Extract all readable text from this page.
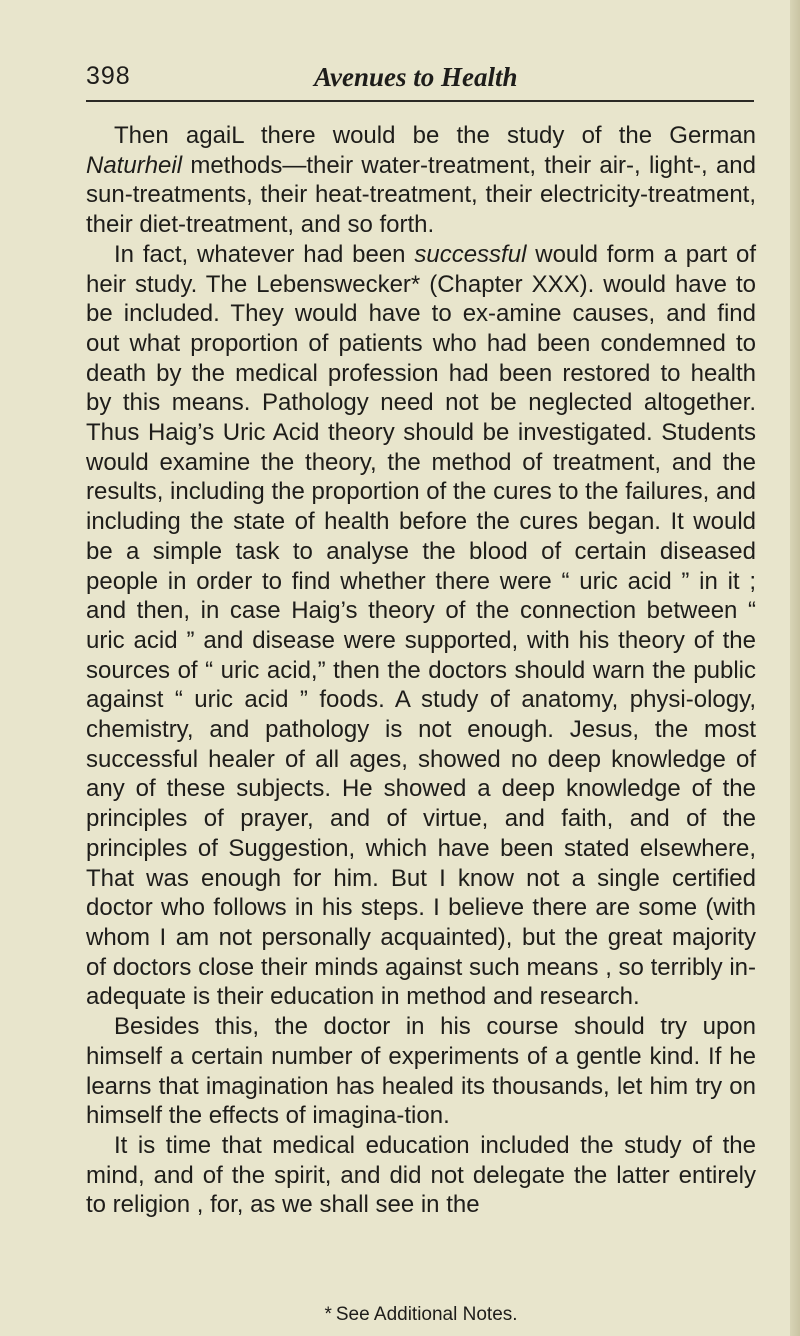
398	Avenues to Health

Then agaiL there would be the study of the German Naturheil methods—their water-treatment, their air-, light-, and sun-treatments, their heat-treatment, their electricity-treatment, their diet-treatment, and so forth.

In fact, whatever had been successful would form a part of heir study. The Lebenswecker* (Chapter XXX). would have to be included. They would have to ex-amine causes, and find out what proportion of patients who had been condemned to death by the medical profession had been restored to health by this means. Pathology need not be neglected altogether. Thus Haig’s Uric Acid theory should be investigated. Students would examine the theory, the method of treatment, and the results, including the proportion of the cures to the failures, and including the state of health before the cures began. It would be a simple task to analyse the blood of certain diseased people in order to find whether there were “ uric acid ” in it ; and then, in case Haig’s theory of the connection between “ uric acid ” and disease were supported, with his theory of the sources of “ uric acid,” then the doctors should warn the public against “ uric acid ” foods. A study of anatomy, physi-ology, chemistry, and pathology is not enough. Jesus, the most successful healer of all ages, showed no deep knowledge of any of these subjects. He showed a deep knowledge of the principles of prayer, and of virtue, and faith, and of the principles of Suggestion, which have been stated elsewhere, That was enough for him. But I know not a single certified doctor who follows in his steps. I believe there are some (with whom I am not personally acquainted), but the great majority of doctors close their minds against such means , so terribly in-adequate is their education in method and research.

Besides this, the doctor in his course should try upon himself a certain number of experiments of a gentle kind. If he learns that imagination has healed its thousands, let him try on himself the effects of imagina-tion.

It is time that medical education included the study of the mind, and of the spirit, and did not delegate the latter entirely to religion , for, as we shall see in the

* See Additional Notes.
